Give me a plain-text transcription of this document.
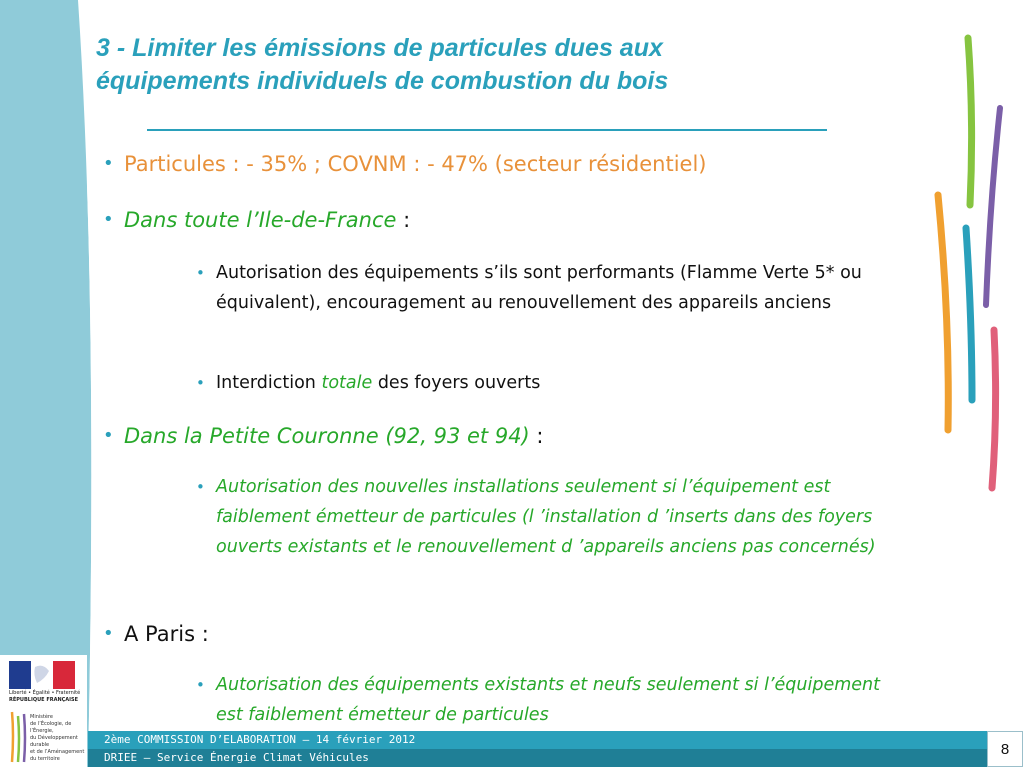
3 - Limiter les émissions de particules dues aux
équipements individuels de combustion du bois
• Particules : - 35% ; COVNM : - 47% (secteur résidentiel)
• Dans toute l’Ile-de-France :
• Autorisation des équipements s’ils sont performants (Flamme Verte 5* ou équivalent), encouragement au renouvellement des appareils anciens
• Interdiction totale des foyers ouverts
• Dans la Petite Couronne (92, 93 et 94) :
• Autorisation des nouvelles installations seulement si l’équipement est faiblement émetteur de particules (l ’installation d ’inserts dans des foyers ouverts existants et le renouvellement d ’appareils anciens pas concernés)
• A Paris :
• Autorisation des équipements existants et neufs seulement si l’équipement est faiblement émetteur de particules
Liberté • Égalité • Fraternité
RÉPUBLIQUE FRANÇAISE
Ministère
de l’Écologie, de l’Énergie,
du Développement durable
et de l’Aménagement
du territoire
2ème COMMISSION D’ELABORATION – 14 février 2012
DRIEE – Service Énergie Climat Véhicules	8
